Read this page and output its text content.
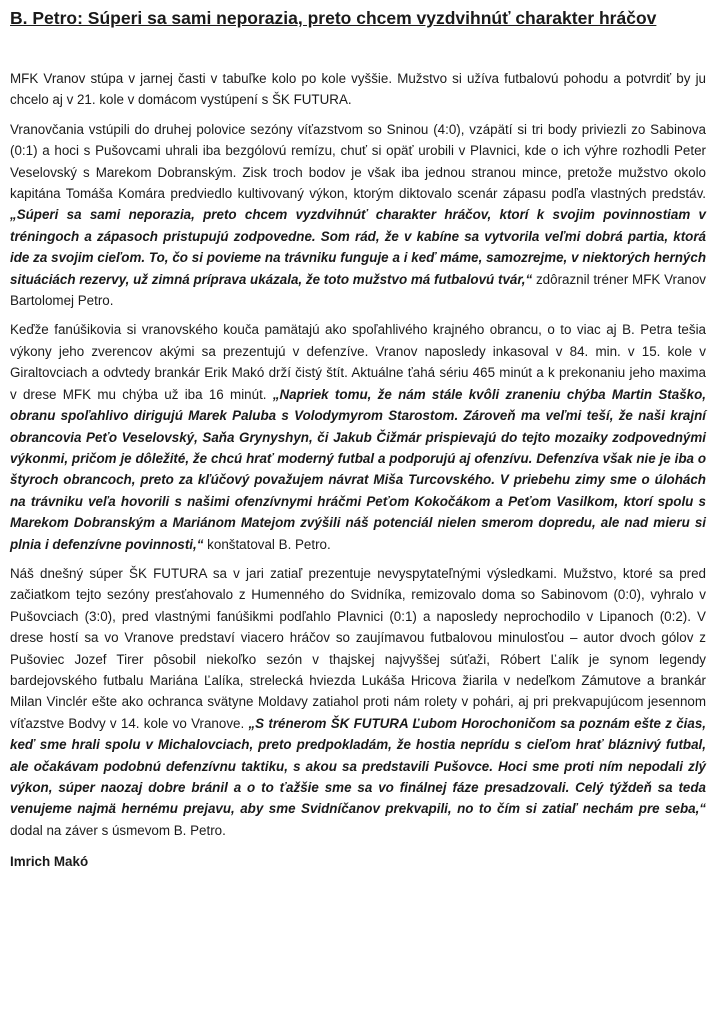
B. Petro: Súperi sa sami neporazia, preto chcem vyzdvihnúť charakter hráčov

MFK Vranov stúpa v jarnej časti v tabuľke kolo po kole vyššie. Mužstvo si užíva futbalovú pohodu a potvrdiť by ju chcelo aj v 21. kole v domácom vystúpení s ŠK FUTURA.

Vranovčania vstúpili do druhej polovice sezóny víťazstvom so Sninou (4:0), vzápätí si tri body priviezli zo Sabinova (0:1) a hoci s Pušovcami uhrali iba bezgólovú remízu, chuť si opäť urobili v Plavnici, kde o ich výhre rozhodli Peter Veselovský s Marekom Dobranským. Zisk troch bodov je však iba jednou stranou mince, pretože mužstvo okolo kapitána Tomáša Komára predviedlo kultivovaný výkon, ktorým diktovalo scenár zápasu podľa vlastných predstáv. „Súperi sa sami neporazia, preto chcem vyzdvihnúť charakter hráčov, ktorí k svojim povinnostiam v tréningoch a zápasoch pristupujú zodpovedne. Som rád, že v kabíne sa vytvorila veľmi dobrá partia, ktorá ide za svojim cieľom. To, čo si povieme na trávniku funguje a i keď máme, samozrejme, v niektorých herných situáciách rezervy, už zimná príprava ukázala, že toto mužstvo má futbalovú tvár,“ zdôraznil tréner MFK Vranov Bartolomej Petro.

Keďže fanúšikovia si vranovského kouča pamätajú ako spoľahlivého krajného obrancu, o to viac aj B. Petra tešia výkony jeho zverencov akými sa prezentujú v defenzíve. Vranov naposledy inkasoval v 84. min. v 15. kole v Giraltovciach a odvtedy brankár Erik Makó drží čistý štít. Aktuálne ťahá sériu 465 minút a k prekonaniu jeho maxima v drese MFK mu chýba už iba 16 minút. „Napriek tomu, že nám stále kvôli zraneniu chýba Martin Staško, obranu spoľahlivo dirigujú Marek Paluba s Volodymyrom Starostom. Zároveň ma veľmi teší, že naši krajní obrancovia Peťo Veselovský, Saňa Grynyshyn, či Jakub Čižmár prispievajú do tejto mozaiky zodpovednými výkonmi, pričom je dôležité, že chcú hrať moderný futbal a podporujú aj ofenzívu. Defenzíva však nie je iba o štyroch obrancoch, preto za kľúčový považujem návrat Miša Turcovského. V priebehu zimy sme o úlohách na trávniku veľa hovorili s našimi ofenzívnymi hráčmi Peťom Kokočákom a Peťom Vasilkom, ktorí spolu s Marekom Dobranským a Mariánom Matejom zvýšili náš potenciál nielen smerom dopredu, ale nad mieru si plnia i defenzívne povinnosti,“ konštatoval B. Petro.

Náš dnešný súper ŠK FUTURA sa v jari zatiaľ prezentuje nevyspytateľnými výsledkami. Mužstvo, ktoré sa pred začiatkom tejto sezóny presťahovalo z Humenného do Svidníka, remizovalo doma so Sabinovom (0:0), vyhralo v Pušovciach (3:0), pred vlastnými fanúšikmi podľahlo Plavnici (0:1) a naposledy neprochodilo v Lipanoch (0:2). V drese hostí sa vo Vranove predstaví viacero hráčov so zaujímavou futbalovou minulosťou – autor dvoch gólov z Pušoviec Jozef Tirer pôsobil niekoľko sezón v thajskej najvyššej súťaži, Róbert Ľalík je synom legendy bardejovského futbalu Mariána Ľalíka, strelecká hviezda Lukáša Hricova žiarila v nedeľkom Zámutove a brankár Milan Vinclér ešte ako ochranca svätyne Moldavy zatiahol proti nám rolety v pohári, aj pri prekvapujúcom jesennom víťazstve Bodvy v 14. kole vo Vranove. „S trénerom ŠK FUTURA Ľubom Horochoničom sa poznám ešte z čias, keď sme hrali spolu v Michalovciach, preto predpokladám, že hostia neprídu s cieľom hrať bláznivý futbal, ale očakávam podobnú defenzívnu taktiku, s akou sa predstavili Pušovce. Hoci sme proti ním nepodali zlý výkon, súper naozaj dobre bránil a o to ťažšie sme sa vo finálnej fáze presadzovali. Celý týždeň sa teda venujeme najmä hernému prejavu, aby sme Svidníčanov prekvapili, no to čím si zatiaľ nechám pre seba,“ dodal na záver s úsmevom B. Petro.

Imrich Makó
